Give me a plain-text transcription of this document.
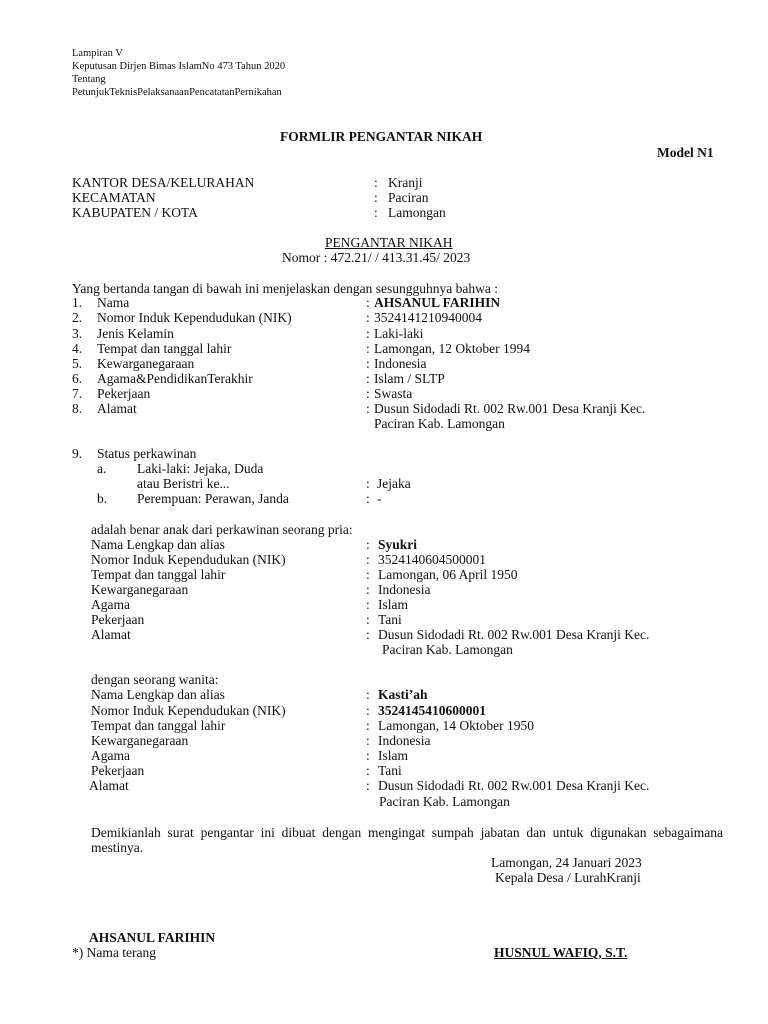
Lampiran V
Keputusan Dirjen Bimas IslamNo 473 Tahun 2020
Tentang
PetunjukTeknisPelaksanaanPencatatanPernikahan
FORMLIR PENGANTAR NIKAH
Model N1
KANTOR DESA/KELURAHAN	: Kranji
KECAMATAN	: Paciran
KABUPATEN / KOTA	: Lamongan
PENGANTAR NIKAH
Nomor : 472.21/ / 413.31.45/ 2023
Yang bertanda tangan di bawah ini menjelaskan dengan sesungguhnya bahwa :
1. Nama	: AHSANUL FARIHIN
2. Nomor Induk Kependudukan (NIK)	: 3524141210940004
3. Jenis Kelamin	: Laki-laki
4. Tempat dan tanggal lahir	: Lamongan, 12 Oktober 1994
5. Kewarganegaraan	: Indonesia
6. Agama&PendidikanTerakhir	: Islam / SLTP
7. Pekerjaan	: Swasta
8. Alamat	: Dusun Sidodadi Rt. 002 Rw.001 Desa Kranji Kec.
Paciran Kab. Lamongan
9. Status perkawinan
a. Laki-laki: Jejaka, Duda
atau Beristri ke...	: Jejaka
b. Perempuan: Perawan, Janda	: -
adalah benar anak dari perkawinan seorang pria:
Nama Lengkap dan alias	: Syukri
Nomor Induk Kependudukan (NIK)	: 3524140604500001
Tempat dan tanggal lahir	: Lamongan, 06 April 1950
Kewarganegaraan	: Indonesia
Agama	: Islam
Pekerjaan	: Tani
Alamat	: Dusun Sidodadi Rt. 002 Rw.001 Desa Kranji Kec.
Paciran Kab. Lamongan
dengan seorang wanita:
Nama Lengkap dan alias	: Kasti’ah
Nomor Induk Kependudukan (NIK)	: 3524145410600001
Tempat dan tanggal lahir	: Lamongan, 14 Oktober 1950
Kewarganegaraan	: Indonesia
Agama	: Islam
Pekerjaan	: Tani
Alamat	: Dusun Sidodadi Rt. 002 Rw.001 Desa Kranji Kec.
Paciran Kab. Lamongan
Demikianlah surat pengantar ini dibuat dengan mengingat sumpah jabatan dan untuk digunakan sebagaimana mestinya.
Lamongan, 24 Januari 2023
Kepala Desa / LurahKranji
AHSANUL FARIHIN
*) Nama terang	HUSNUL WAFIQ, S.T.
